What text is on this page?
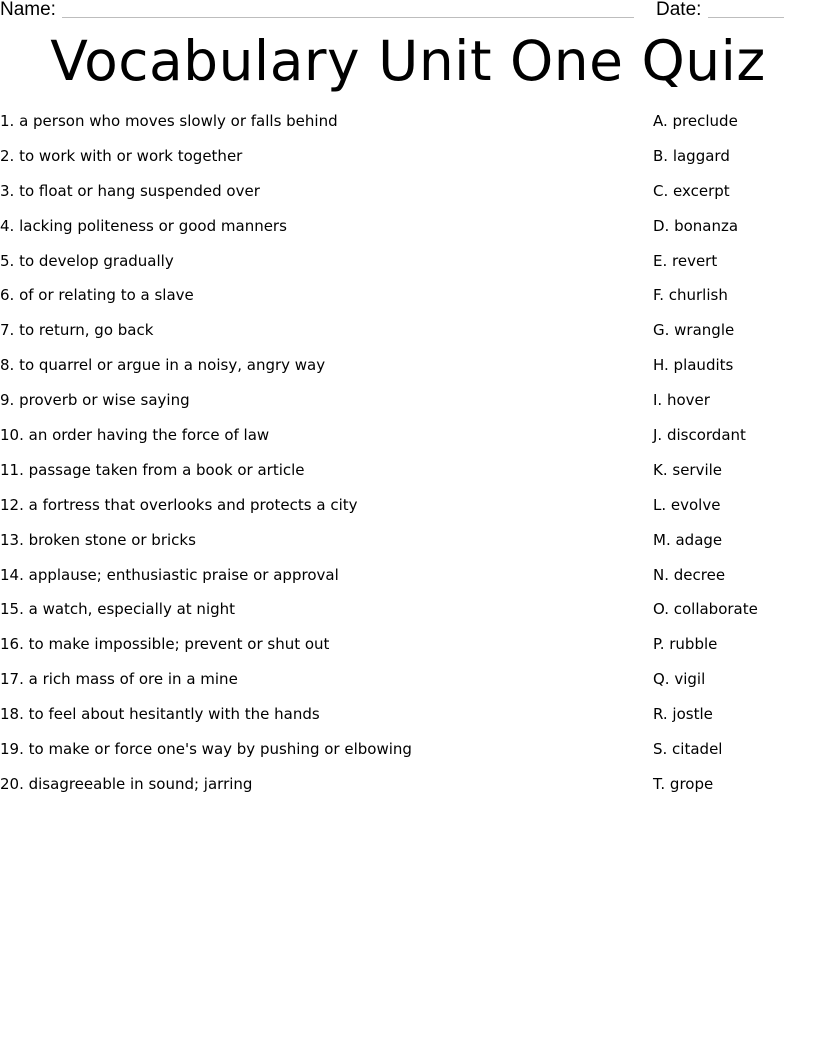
Name:	Date:
Vocabulary Unit One Quiz
1. a person who moves slowly or falls behind	A. preclude
2. to work with or work together	B. laggard
3. to float or hang suspended over	C. excerpt
4. lacking politeness or good manners	D. bonanza
5. to develop gradually	E. revert
6. of or relating to a slave	F. churlish
7. to return, go back	G. wrangle
8. to quarrel or argue in a noisy, angry way	H. plaudits
9. proverb or wise saying	I. hover
10. an order having the force of law	J. discordant
11. passage taken from a book or article	K. servile
12. a fortress that overlooks and protects a city	L. evolve
13. broken stone or bricks	M. adage
14. applause; enthusiastic praise or approval	N. decree
15. a watch, especially at night	O. collaborate
16. to make impossible; prevent or shut out	P. rubble
17. a rich mass of ore in a mine	Q. vigil
18. to feel about hesitantly with the hands	R. jostle
19. to make or force one's way by pushing or elbowing	S. citadel
20. disagreeable in sound; jarring	T. grope
